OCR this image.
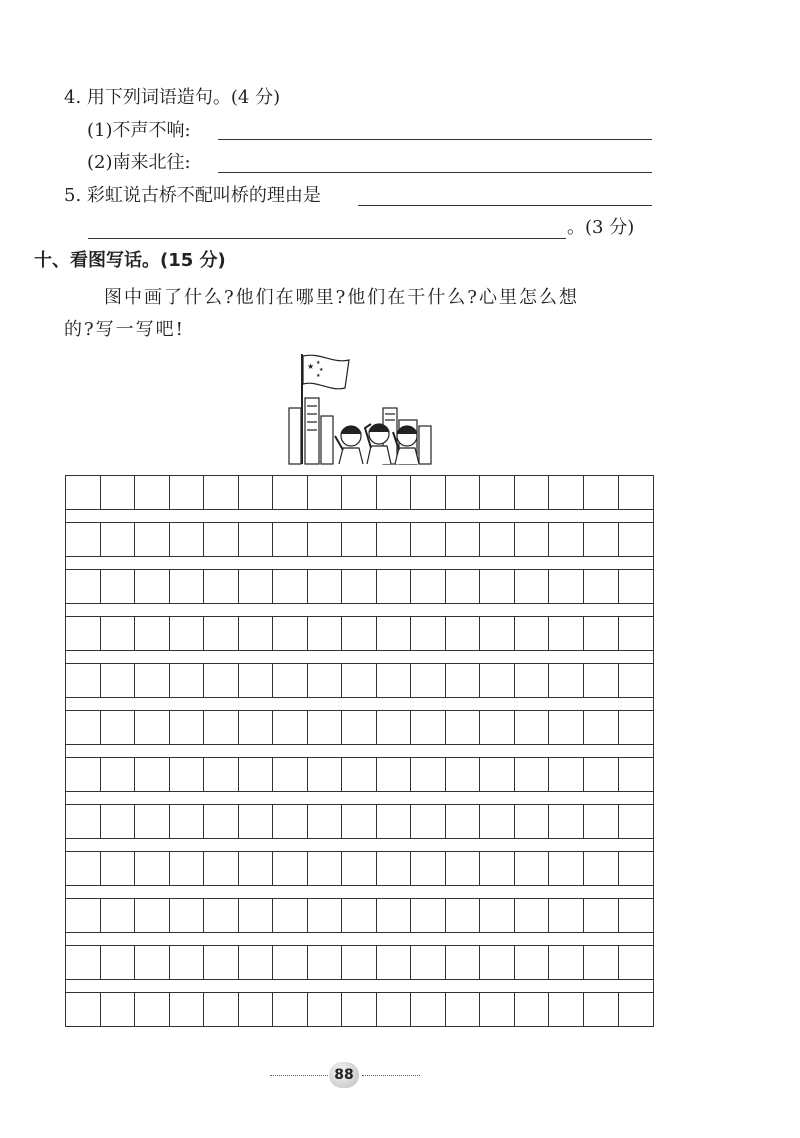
4. 用下列词语造句。(4 分)
(1)不声不响:
(2)南来北往:
5. 彩虹说古桥不配叫桥的理由是
。(3 分)
十、看图写话。(15 分)
图中画了什么?他们在哪里?他们在干什么?心里怎么想
的?写一写吧!
★ ★
★
★
88
